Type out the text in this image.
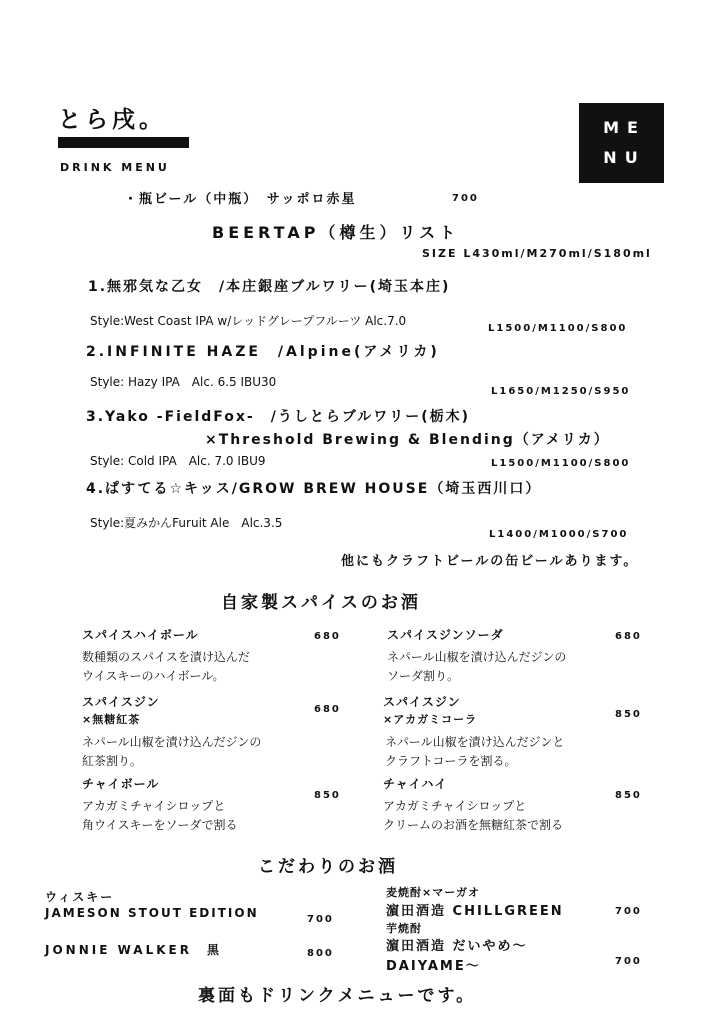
とら戌。
DRINK MENU
ME
NU
・瓶ビール（中瓶）　サッポロ赤星	700
BEERTAP（樽生）リスト
SIZE L430ml/M270ml/S180ml
1.無邪気な乙女　/本庄銀座ブルワリー(埼玉本庄)
Style:West Coast IPA w/レッドグレープフルーツ Alc.7.0
L1500/M1100/S800
2.INFINITE HAZE　/Alpine(アメリカ)
Style: Hazy IPA　Alc. 6.5 IBU30
L1650/M1250/S950
3.Yako -FieldFox-　/うしとらブルワリー(栃木)
×Threshold Brewing & Blending（アメリカ）
Style: Cold IPA　Alc. 7.0 IBU9	L1500/M1100/S800
4.ぱすてる☆キッス/GROW BREW HOUSE（埼玉西川口）
Style:夏みかんFuruit Ale　Alc.3.5
L1400/M1000/S700
他にもクラフトビールの缶ビールあります。
自家製スパイスのお酒
スパイスハイボール	680
数種類のスパイスを漬け込んだ
ウイスキーのハイボール。
スパイスジンソーダ	680
ネパール山椒を漬け込んだジンの
ソーダ割り。
スパイスジン
×無糖紅茶
680
ネパール山椒を漬け込んだジンの
紅茶割り。
スパイスジン
×アカガミコーラ	850
ネパール山椒を漬け込んだジンと
クラフトコーラを割る。
チャイボール
850
アカガミチャイシロップと
角ウイスキーをソーダで割る
チャイハイ
850
アカガミチャイシロップと
クリームのお酒を無糖紅茶で割る
こだわりのお酒
ウィスキー
JAMESON STOUT EDITION	700
JONNIE WALKER　黒	800
麦焼酎×マーガオ
濵田酒造 CHILLGREEN	700
芋焼酎
濵田酒造 だいやめ〜
DAIYAME〜	700
裏面もドリンクメニューです。
